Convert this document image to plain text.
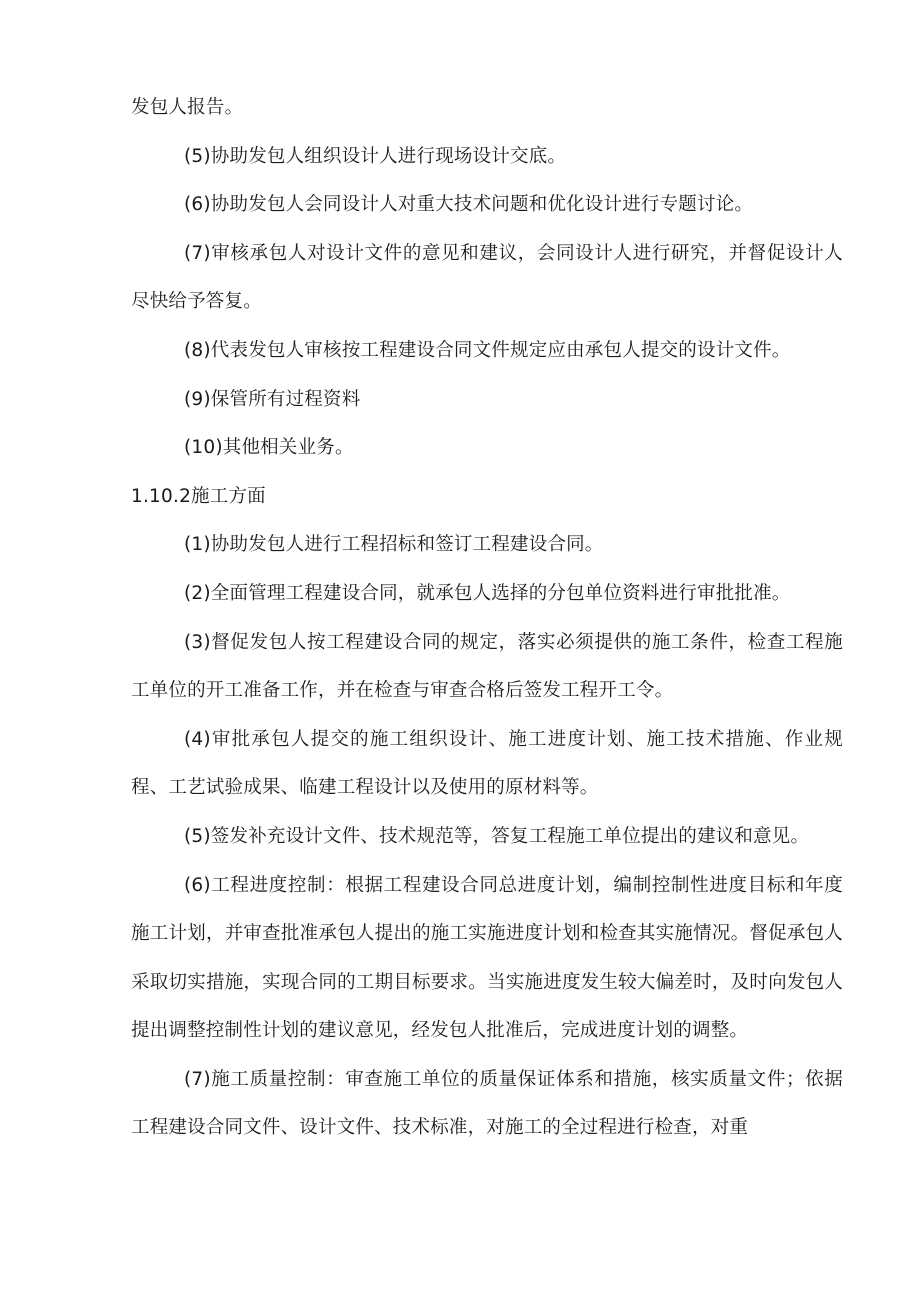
发包人报告。

(5)协助发包人组织设计人进行现场设计交底。

(6)协助发包人会同设计人对重大技术问题和优化设计进行专题讨论。

(7)审核承包人对设计文件的意见和建议，会同设计人进行研究，并督促设计人尽快给予答复。

(8)代表发包人审核按工程建设合同文件规定应由承包人提交的设计文件。

(9)保管所有过程资料

(10)其他相关业务。

1.10.2施工方面

(1)协助发包人进行工程招标和签订工程建设合同。

(2)全面管理工程建设合同，就承包人选择的分包单位资料进行审批批准。

(3)督促发包人按工程建设合同的规定，落实必须提供的施工条件，检查工程施工单位的开工准备工作，并在检查与审查合格后签发工程开工令。

(4)审批承包人提交的施工组织设计、施工进度计划、施工技术措施、作业规程、工艺试验成果、临建工程设计以及使用的原材料等。

(5)签发补充设计文件、技术规范等，答复工程施工单位提出的建议和意见。

(6)工程进度控制：根据工程建设合同总进度计划，编制控制性进度目标和年度施工计划，并审查批准承包人提出的施工实施进度计划和检查其实施情况。督促承包人采取切实措施，实现合同的工期目标要求。当实施进度发生较大偏差时，及时向发包人提出调整控制性计划的建议意见，经发包人批准后，完成进度计划的调整。

(7)施工质量控制：审查施工单位的质量保证体系和措施，核实质量文件；依据工程建设合同文件、设计文件、技术标准，对施工的全过程进行检查，对重
